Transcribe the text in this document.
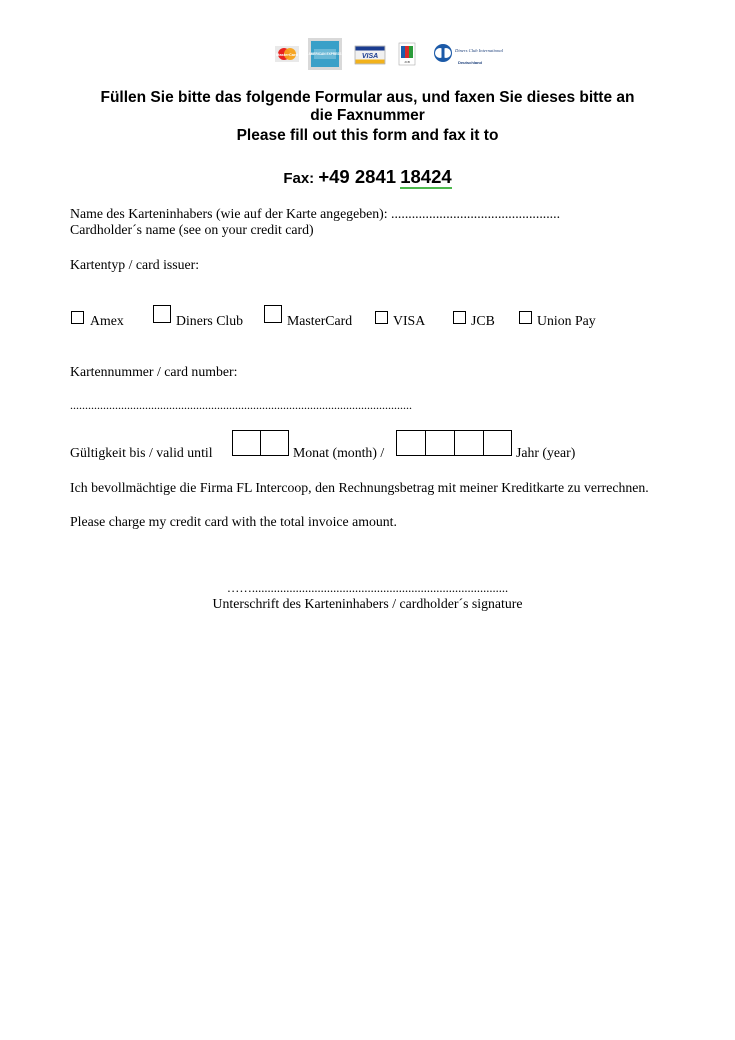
MasterCard	AMERICAN EXPRESS	VISA
JCB
Diners Club International
Deutschland
Füllen Sie bitte das folgende Formular aus, und faxen Sie dieses bitte an
die Faxnummer
Please fill out this form and fax it to
Fax: +49 2841 18424
Name des Karteninhabers (wie auf der Karte angegeben): .................................................
Cardholder´s name (see on your credit card)
Kartentyp / card issuer:
Amex	Diners Club	MasterCard	VISA	JCB	Union Pay
Kartennummer / card number:
..................................................................................................................
Gültigkeit bis / valid until	Monat (month) /	Jahr (year)
Ich bevollmächtige die Firma FL Intercoop, den Rechnungsbetrag mit meiner Kreditkarte zu verrechnen.
Please charge my credit card with the total invoice amount.
……..................................................................................
Unterschrift des Karteninhabers / cardholder´s signature
